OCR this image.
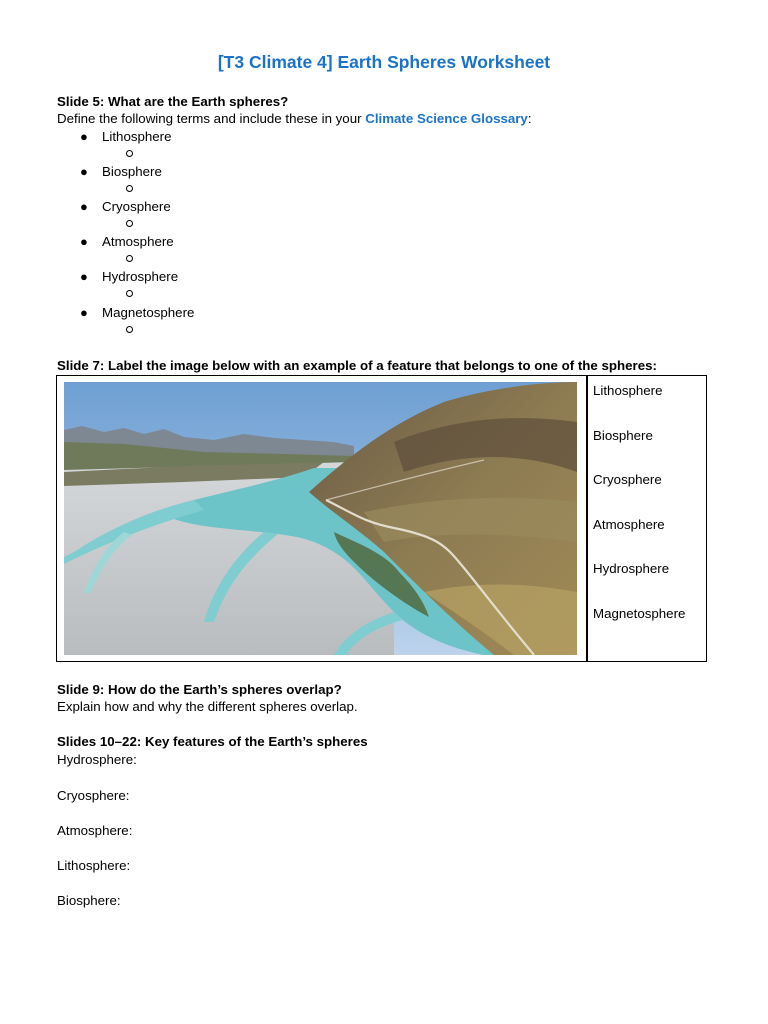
[T3 Climate 4] Earth Spheres Worksheet
Slide 5: What are the Earth spheres?
Define the following terms and include these in your Climate Science Glossary:
● Lithosphere
● Biosphere
● Cryosphere
● Atmosphere
● Hydrosphere
● Magnetosphere
Slide 7: Label the image below with an example of a feature that belongs to one of the spheres:
Lithosphere
Biosphere
Cryosphere
Atmosphere
Hydrosphere
Magnetosphere
Slide 9: How do the Earth’s spheres overlap?
Explain how and why the different spheres overlap.
Slides 10–22: Key features of the Earth’s spheres
Hydrosphere:
Cryosphere:
Atmosphere:
Lithosphere:
Biosphere:
